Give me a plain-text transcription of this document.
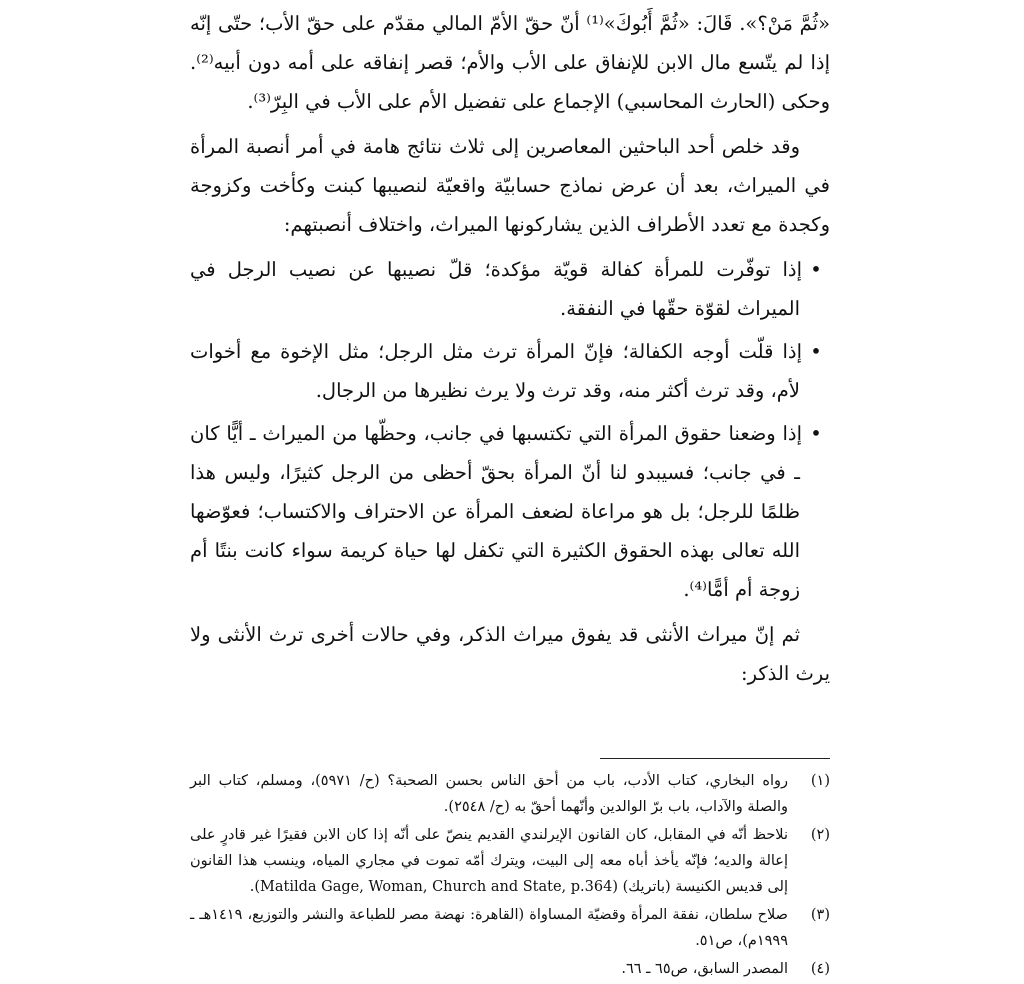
«ثُمَّ مَنْ؟». قَالَ: «ثُمَّ أَبُوكَ»⁽¹⁾ أنّ حقّ الأمّ المالي مقدّم على حقّ الأب؛ حتّى إنّه إذا لم يتّسع مال الابن للإنفاق على الأب والأم؛ قصر إنفاقه على أمه دون أبيه⁽²⁾. وحكى (الحارث المحاسبي) الإجماع على تفضيل الأم على الأب في البِرّ⁽³⁾.

وقد خلص أحد الباحثين المعاصرين إلى ثلاث نتائج هامة في أمر أنصبة المرأة في الميراث، بعد أن عرض نماذج حسابيّة واقعيّة لنصيبها كبنت وكأخت وكزوجة وكجدة مع تعدد الأطراف الذين يشاركونها الميراث، واختلاف أنصبتهم:

•إذا توفّرت للمرأة كفالة قويّة مؤكدة؛ قلّ نصيبها عن نصيب الرجل في الميراث لقوّة حقّها في النفقة.

•إذا قلّت أوجه الكفالة؛ فإنّ المرأة ترث مثل الرجل؛ مثل الإخوة مع أخوات لأم، وقد ترث أكثر منه، وقد ترث ولا يرث نظيرها من الرجال.

•إذا وضعنا حقوق المرأة التي تكتسبها في جانب، وحظّها من الميراث ـ أيًّا كان ـ في جانب؛ فسيبدو لنا أنّ المرأة بحقّ أحظى من الرجل كثيرًا، وليس هذا ظلمًا للرجل؛ بل هو مراعاة لضعف المرأة عن الاحتراف والاكتساب؛ فعوّضها الله تعالى بهذه الحقوق الكثيرة التي تكفل لها حياة كريمة سواء كانت بنتًا أم زوجة أم أمًّا⁽⁴⁾.

ثم إنّ ميراث الأنثى قد يفوق ميراث الذكر، وفي حالات أخرى ترث الأنثى ولا يرث الذكر:

(١)
رواه البخاري، كتاب الأدب، باب من أحق الناس بحسن الصحبة؟ (ح/ ٥٩٧١)، ومسلم، كتاب البر والصلة والآداب، باب برّ الوالدين وأنّهما أحقّ به (ح/ ٢٥٤٨).
(٢)
نلاحظ أنّه في المقابل، كان القانون الإيرلندي القديم ينصّ على أنّه إذا كان الابن فقيرًا غير قادرٍ على إعالة والديه؛ فإنّه يأخذ أباه معه إلى البيت، ويترك أمّه تموت في مجاري المياه، وينسب هذا القانون إلى قديس الكنيسة (باتريك) (Matilda Gage, Woman, Church and State, p.364).
(٣)
صلاح سلطان، نفقة المرأة وقضيّة المساواة (القاهرة: نهضة مصر للطباعة والنشر والتوزيع، ١٤١٩هـ ـ ١٩٩٩م)، ص٥١.
(٤)
المصدر السابق، ص٦٥ ـ ٦٦.
